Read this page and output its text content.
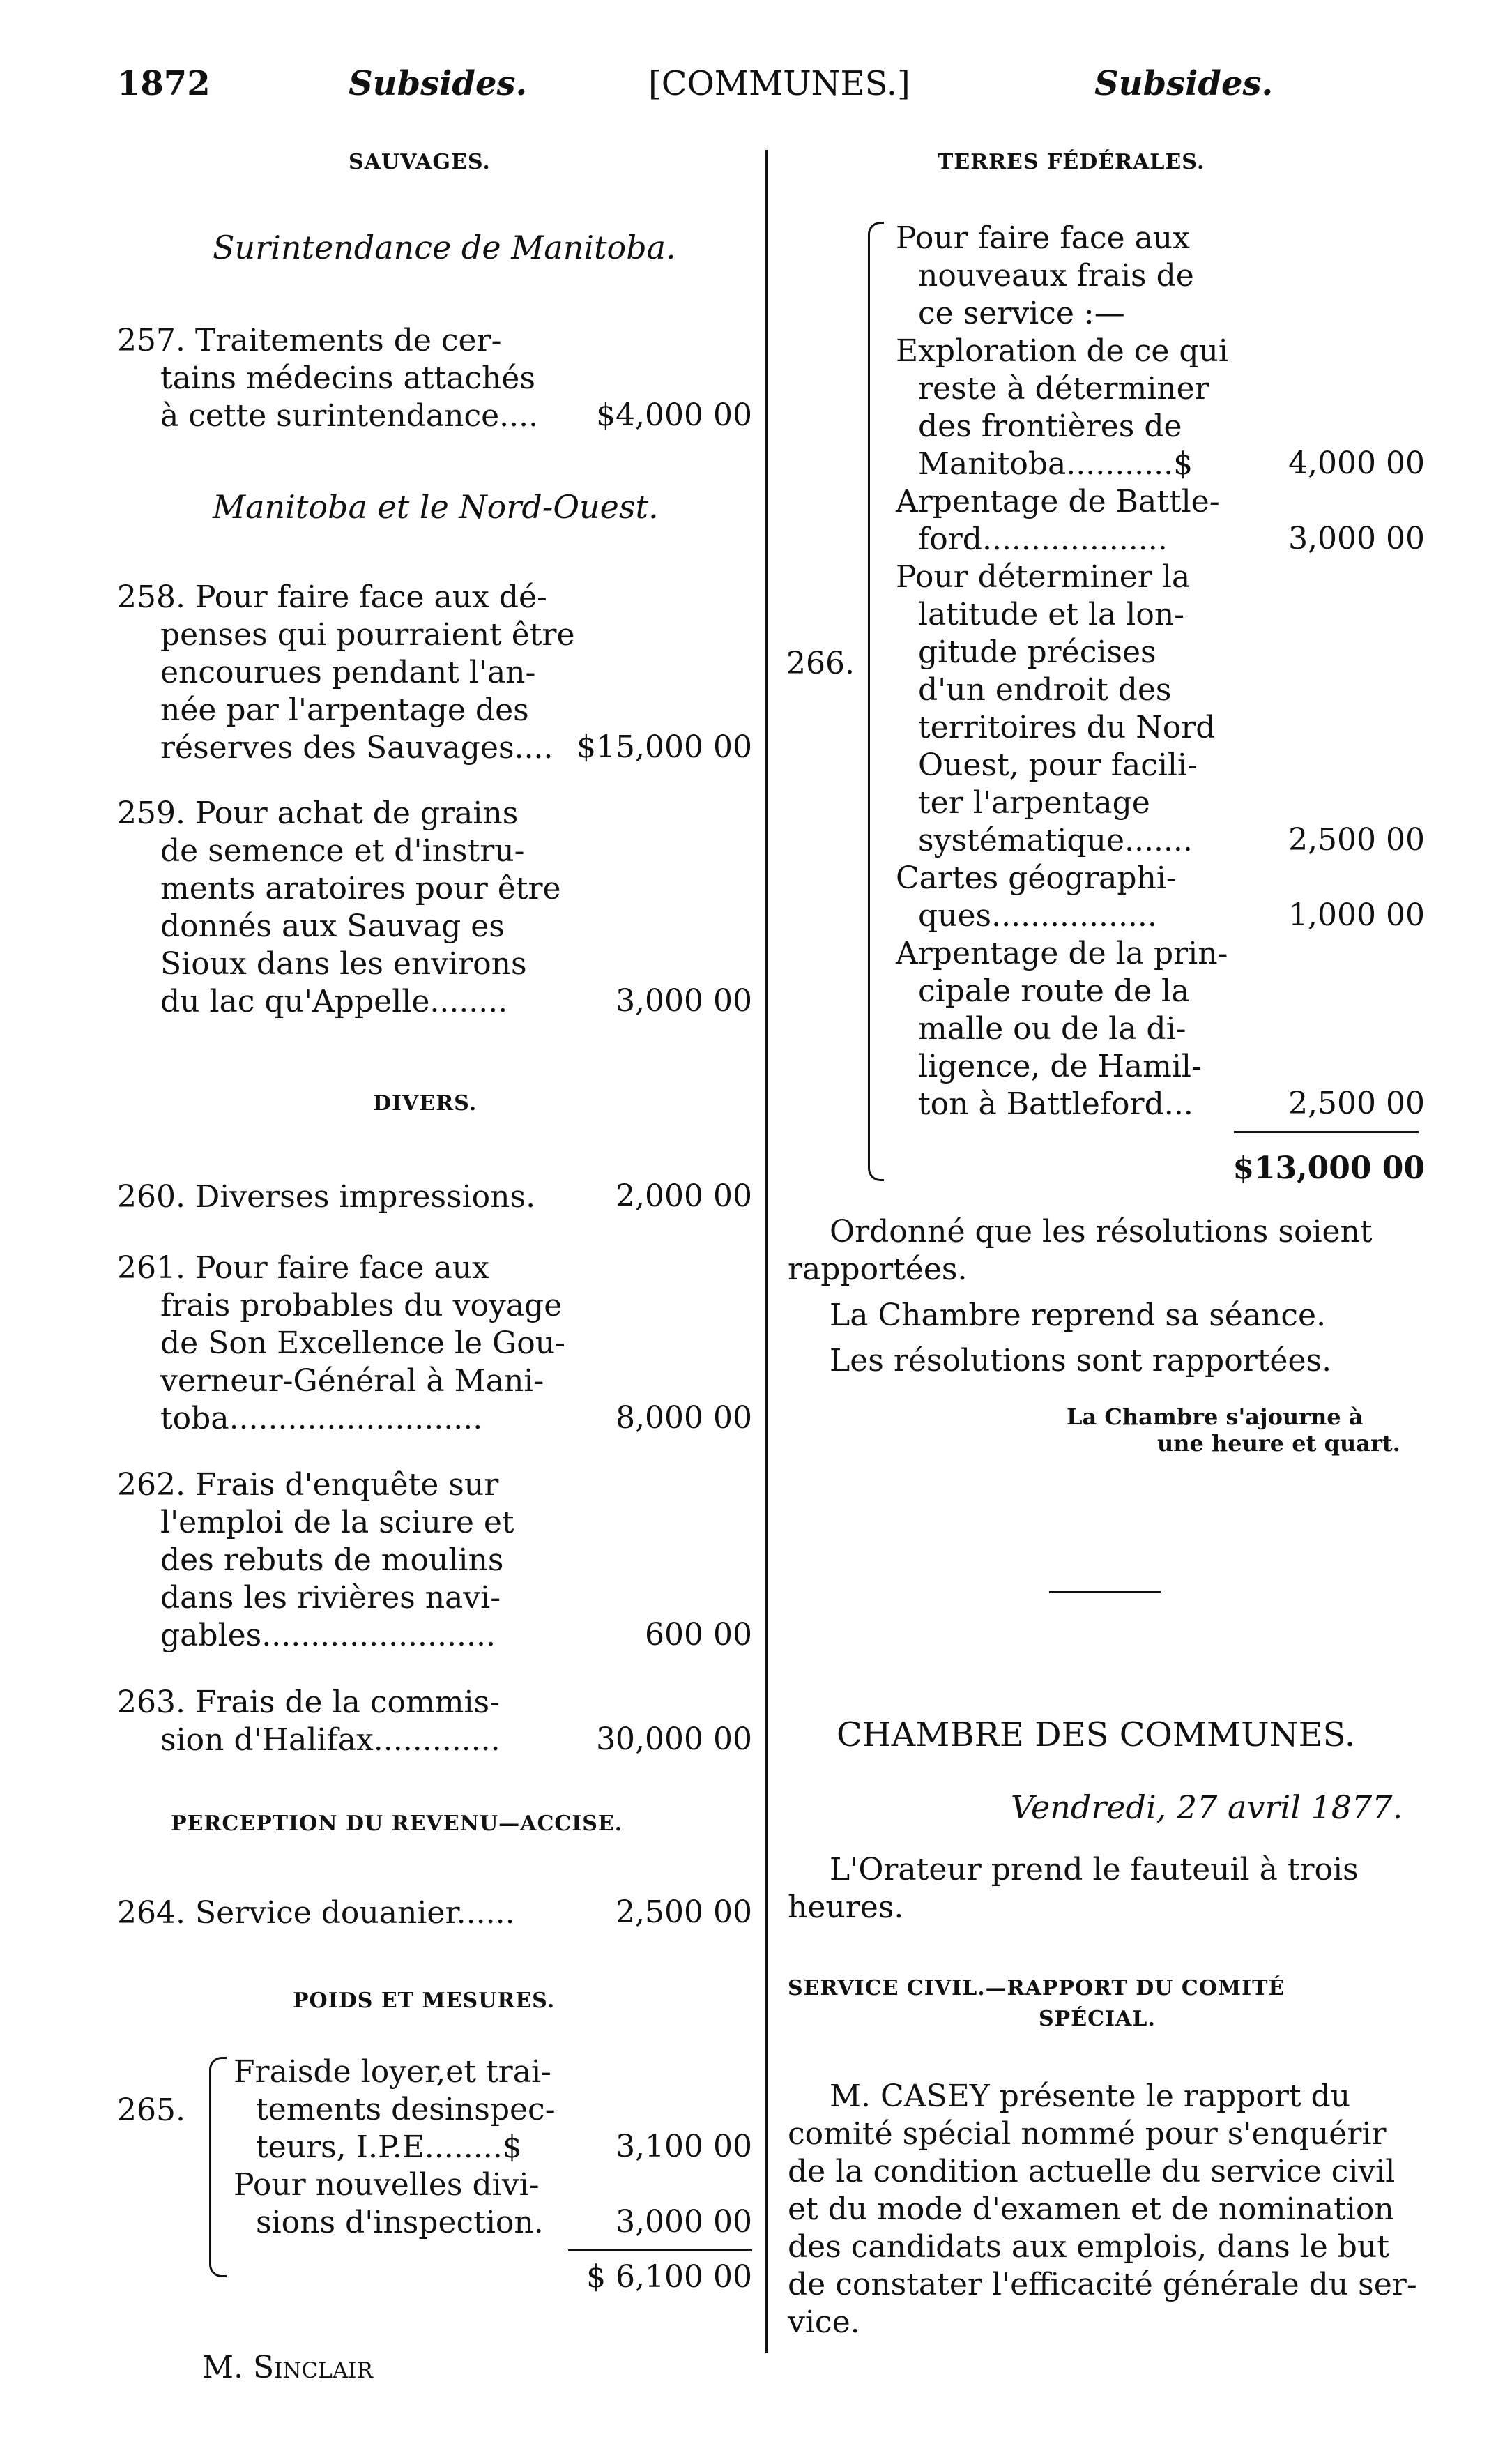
1872	Subsides.	[COMMUNES.]	Subsides.
SAUVAGES.
Surintendance de Manitoba.
257. Traitements de cer-
tains médecins attachés
à cette surintendance.... $4,000 00
Manitoba et le Nord-Ouest.
258. Pour faire face aux dé-
penses qui pourraient être
encourues pendant l'an-
née par l'arpentage des
réserves des Sauvages.... $15,000 00
259. Pour achat de grains
de semence et d'instru-
ments aratoires pour être
donnés aux Sauvag es
Sioux dans les environs
du lac qu'Appelle........	3,000 00
DIVERS.
260. Diverses impressions.	2,000 00
261. Pour faire face aux
frais probables du voyage
de Son Excellence le Gou-
verneur-Général à Mani-
toba..........................	8,000 00
262. Frais d'enquête sur
l'emploi de la sciure et
des rebuts de moulins
dans les rivières navi-
gables........................	600 00
263. Frais de la commis-
sion d'Halifax.............	30,000 00
PERCEPTION DU REVENU—ACCISE.
264. Service douanier......	2,500 00
POIDS ET MESURES.
265.
Fraisde loyer,et trai-
tements desinspec-
teurs, I.P.E........$	3,100 00
Pour nouvelles divi-
sions d'inspection. 3,000 00
$ 6,100 00
M. Sinclair
TERRES FÉDÉRALES.
266.
Pour faire face aux
nouveaux frais de
ce service :—
Exploration de ce qui
reste à déterminer
des frontières de
Manitoba...........$	4,000 00
Arpentage de Battle-
ford...................	3,000 00
Pour déterminer la
latitude et la lon-
gitude précises
d'un endroit des
territoires du Nord
Ouest, pour facili-
ter l'arpentage
systématique.......	2,500 00
Cartes géographi-
ques.................	1,000 00
Arpentage de la prin-
cipale route de la
malle ou de la di-
ligence, de Hamil-
ton à Battleford...	2,500 00
$13,000 00
Ordonné que les résolutions soient
rapportées.
La Chambre reprend sa séance.
Les résolutions sont rapportées.
La Chambre s'ajourne à
une heure et quart.
CHAMBRE DES COMMUNES.
Vendredi, 27 avril 1877.
L'Orateur prend le fauteuil à trois
heures.
SERVICE CIVIL.—RAPPORT DU COMITÉ
SPÉCIAL.
M. CASEY présente le rapport du
comité spécial nommé pour s'enquérir
de la condition actuelle du service civil
et du mode d'examen et de nomination
des candidats aux emplois, dans le but
de constater l'efficacité générale du ser-
vice.
